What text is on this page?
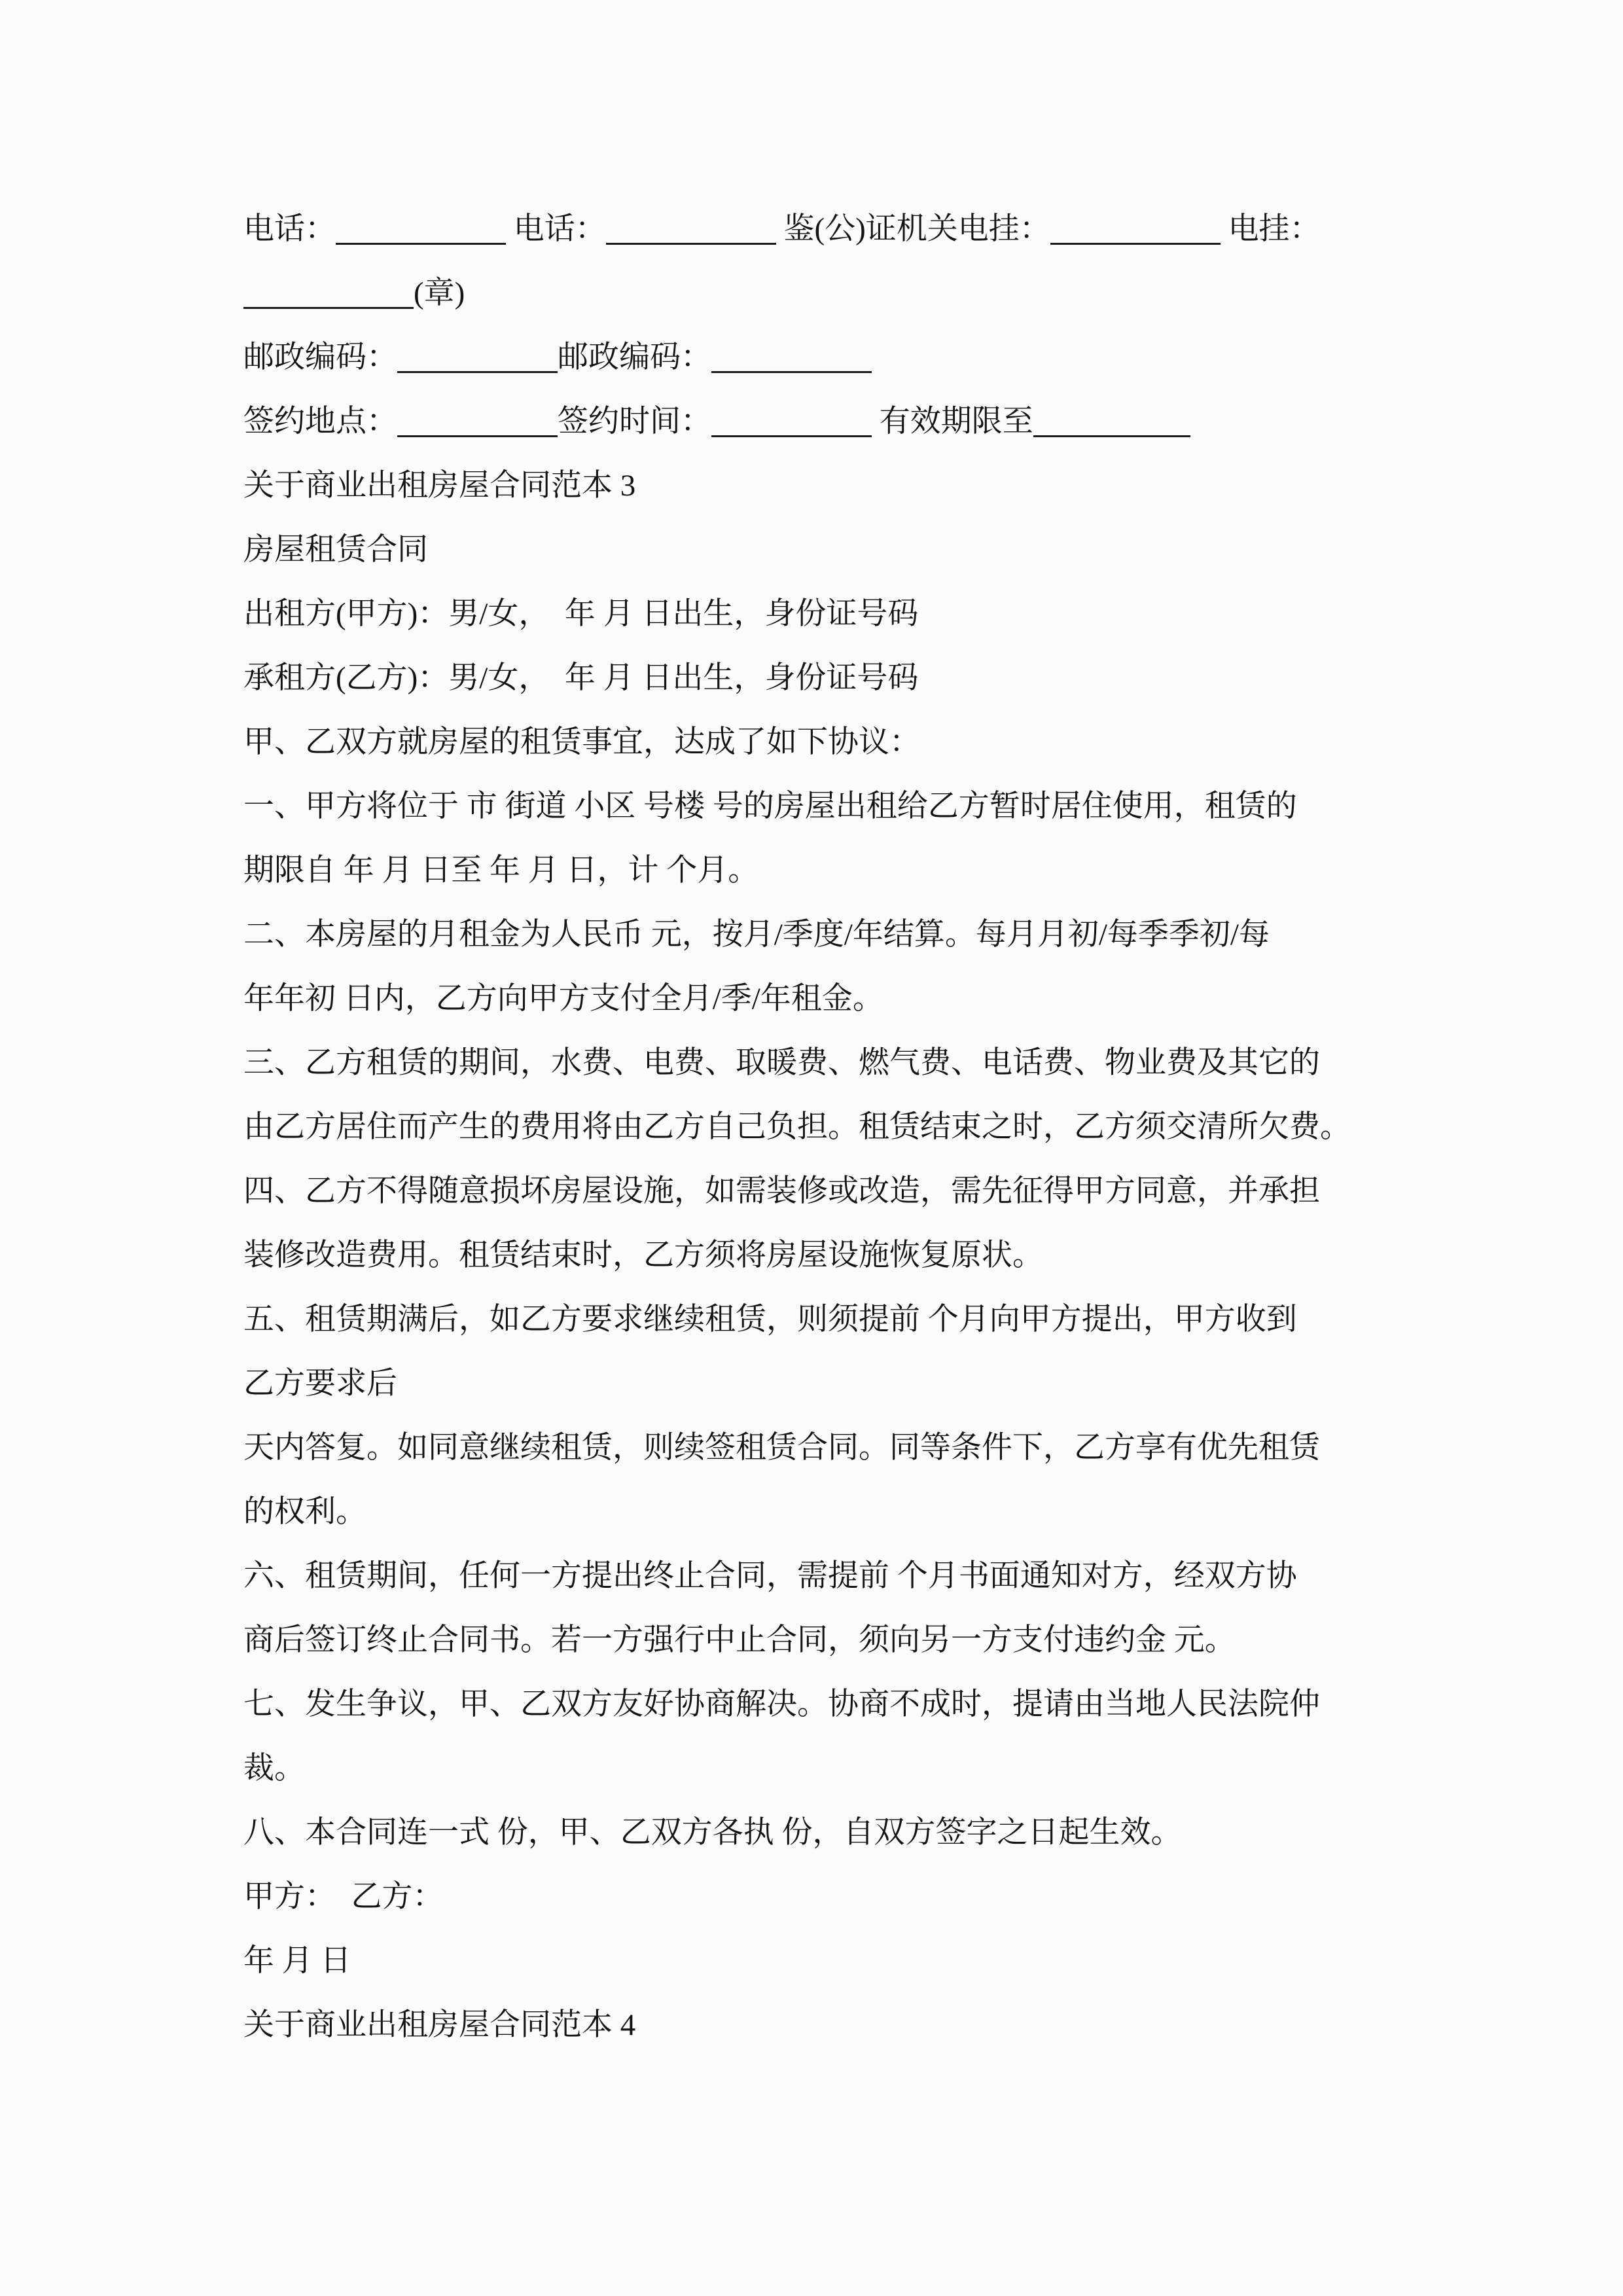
电话：	电话：	鉴(公)证机关电挂：	电挂：
(章)
邮政编码：	邮政编码：
签约地点：	签约时间：	有效期限至
关于商业出租房屋合同范本 3
房屋租赁合同
出租方(甲方)：男/女，　年 月 日出生，身份证号码
承租方(乙方)：男/女，　年 月 日出生，身份证号码
甲、乙双方就房屋的租赁事宜，达成了如下协议：
一、甲方将位于 市 街道 小区 号楼 号的房屋出租给乙方暂时居住使用，租赁的
期限自 年 月 日至 年 月 日，计 个月。
二、本房屋的月租金为人民币 元，按月/季度/年结算。每月月初/每季季初/每
年年初 日内，乙方向甲方支付全月/季/年租金。
三、乙方租赁的期间，水费、电费、取暖费、燃气费、电话费、物业费及其它的
由乙方居住而产生的费用将由乙方自己负担。租赁结束之时，乙方须交清所欠费。
四、乙方不得随意损坏房屋设施，如需装修或改造，需先征得甲方同意，并承担
装修改造费用。租赁结束时，乙方须将房屋设施恢复原状。
五、租赁期满后，如乙方要求继续租赁，则须提前 个月向甲方提出，甲方收到
乙方要求后
天内答复。如同意继续租赁，则续签租赁合同。同等条件下，乙方享有优先租赁
的权利。
六、租赁期间，任何一方提出终止合同，需提前 个月书面通知对方，经双方协
商后签订终止合同书。若一方强行中止合同，须向另一方支付违约金 元。
七、发生争议，甲、乙双方友好协商解决。协商不成时，提请由当地人民法院仲
裁。
八、本合同连一式 份，甲、乙双方各执 份，自双方签字之日起生效。
甲方：　乙方：
年 月 日
关于商业出租房屋合同范本 4
